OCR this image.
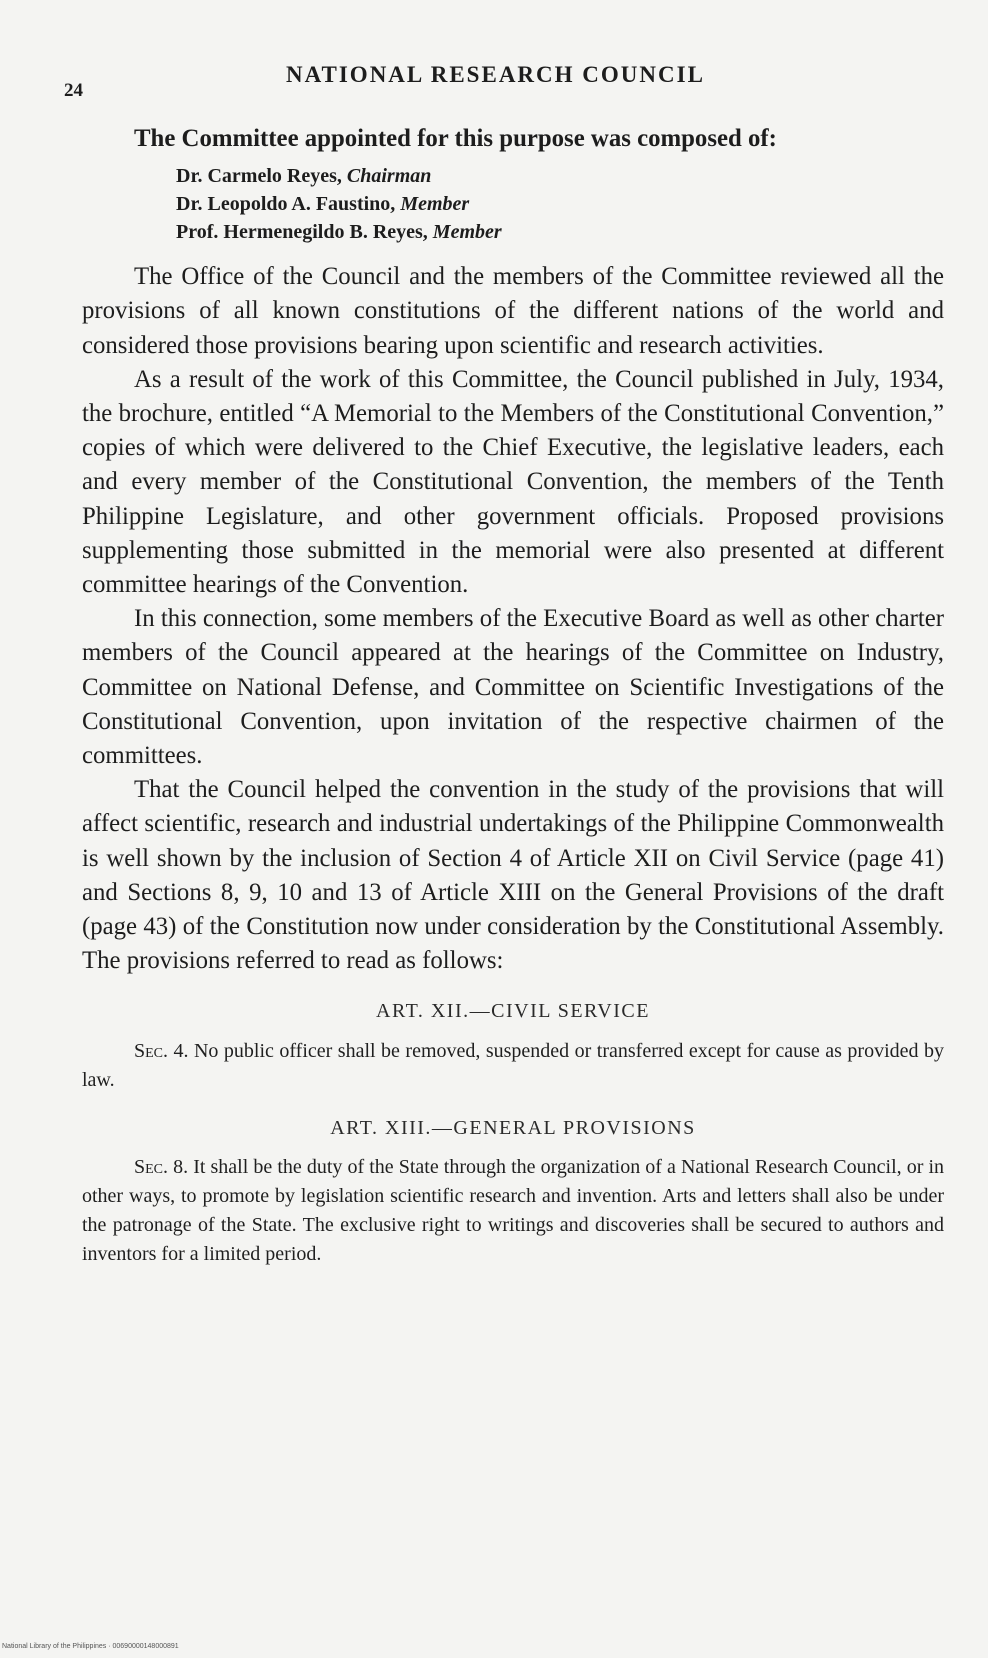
24
NATIONAL RESEARCH COUNCIL

The Committee appointed for this purpose was composed of:

Dr. Carmelo Reyes, Chairman
Dr. Leopoldo A. Faustino, Member
Prof. Hermenegildo B. Reyes, Member

The Office of the Council and the members of the Committee reviewed all the provisions of all known constitutions of the different nations of the world and considered those provisions bearing upon scientific and research activities.

As a result of the work of this Committee, the Council published in July, 1934, the brochure, entitled “A Memorial to the Members of the Constitutional Convention,” copies of which were delivered to the Chief Executive, the legislative leaders, each and every member of the Constitutional Convention, the members of the Tenth Philippine Legislature, and other government officials. Proposed provisions supplementing those submitted in the memorial were also presented at different committee hearings of the Convention.

In this connection, some members of the Executive Board as well as other charter members of the Council appeared at the hearings of the Committee on Industry, Committee on National Defense, and Committee on Scientific Investigations of the Constitutional Convention, upon invitation of the respective chairmen of the committees.

That the Council helped the convention in the study of the provisions that will affect scientific, research and industrial undertakings of the Philippine Commonwealth is well shown by the inclusion of Section 4 of Article XII on Civil Service (page 41) and Sections 8, 9, 10 and 13 of Article XIII on the General Provisions of the draft (page 43) of the Constitution now under consideration by the Constitutional Assembly. The provisions referred to read as follows:

ART. XII.—CIVIL SERVICE

Sec. 4. No public officer shall be removed, suspended or transferred except for cause as provided by law.

ART. XIII.—GENERAL PROVISIONS

Sec. 8. It shall be the duty of the State through the organization of a National Research Council, or in other ways, to promote by legislation scientific research and invention. Arts and letters shall also be under the patronage of the State. The exclusive right to writings and discoveries shall be secured to authors and inventors for a limited period.

National Library of the Philippines · 00690000148000891
